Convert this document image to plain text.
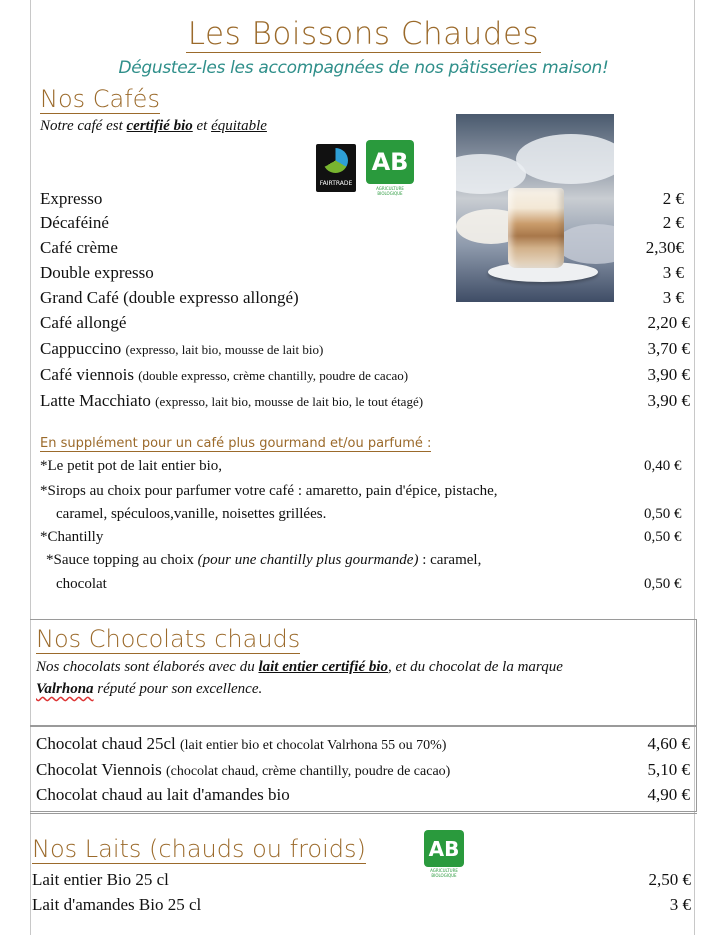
Les Boissons Chaudes
Dégustez-les les accompagnées de nos pâtisseries maison!
Nos Cafés
Notre café est certifié bio et équitable
FAIRTRADE
AB
AGRICULTURE BIOLOGIQUE
Expresso	2 €
Décaféiné	2 €
Café crème	2,30€
Double expresso	3 €
Grand Café (double expresso allongé)	3 €
Café allongé	2,20 €
Cappuccino (expresso, lait bio, mousse de lait bio)	3,70 €
Café viennois (double expresso, crème chantilly, poudre de cacao)	3,90 €
Latte Macchiato (expresso, lait bio, mousse de lait bio, le tout étagé)	3,90 €
En supplément pour un café plus gourmand et/ou parfumé :
*Le petit pot de lait entier bio,	0,40 €
*Sirops au choix pour parfumer votre café : amaretto, pain d'épice, pistache,
caramel, spéculoos,vanille, noisettes grillées.	0,50 €
*Chantilly	0,50 €
*Sauce topping au choix (pour une chantilly plus gourmande) : caramel,
chocolat	0,50 €
Nos Chocolats chauds
Nos chocolats sont élaborés avec du lait entier certifié bio, et du chocolat de la marque
Valrhona réputé pour son excellence.
Chocolat chaud 25cl (lait entier bio et chocolat Valrhona 55 ou 70%)	4,60 €
Chocolat Viennois (chocolat chaud, crème chantilly, poudre de cacao)	5,10 €
Chocolat chaud au lait d'amandes bio	4,90 €
Nos Laits (chauds ou froids)	AB
AGRICULTURE BIOLOGIQUE
Lait entier Bio 25 cl	2,50 €
Lait d'amandes Bio 25 cl	3 €
